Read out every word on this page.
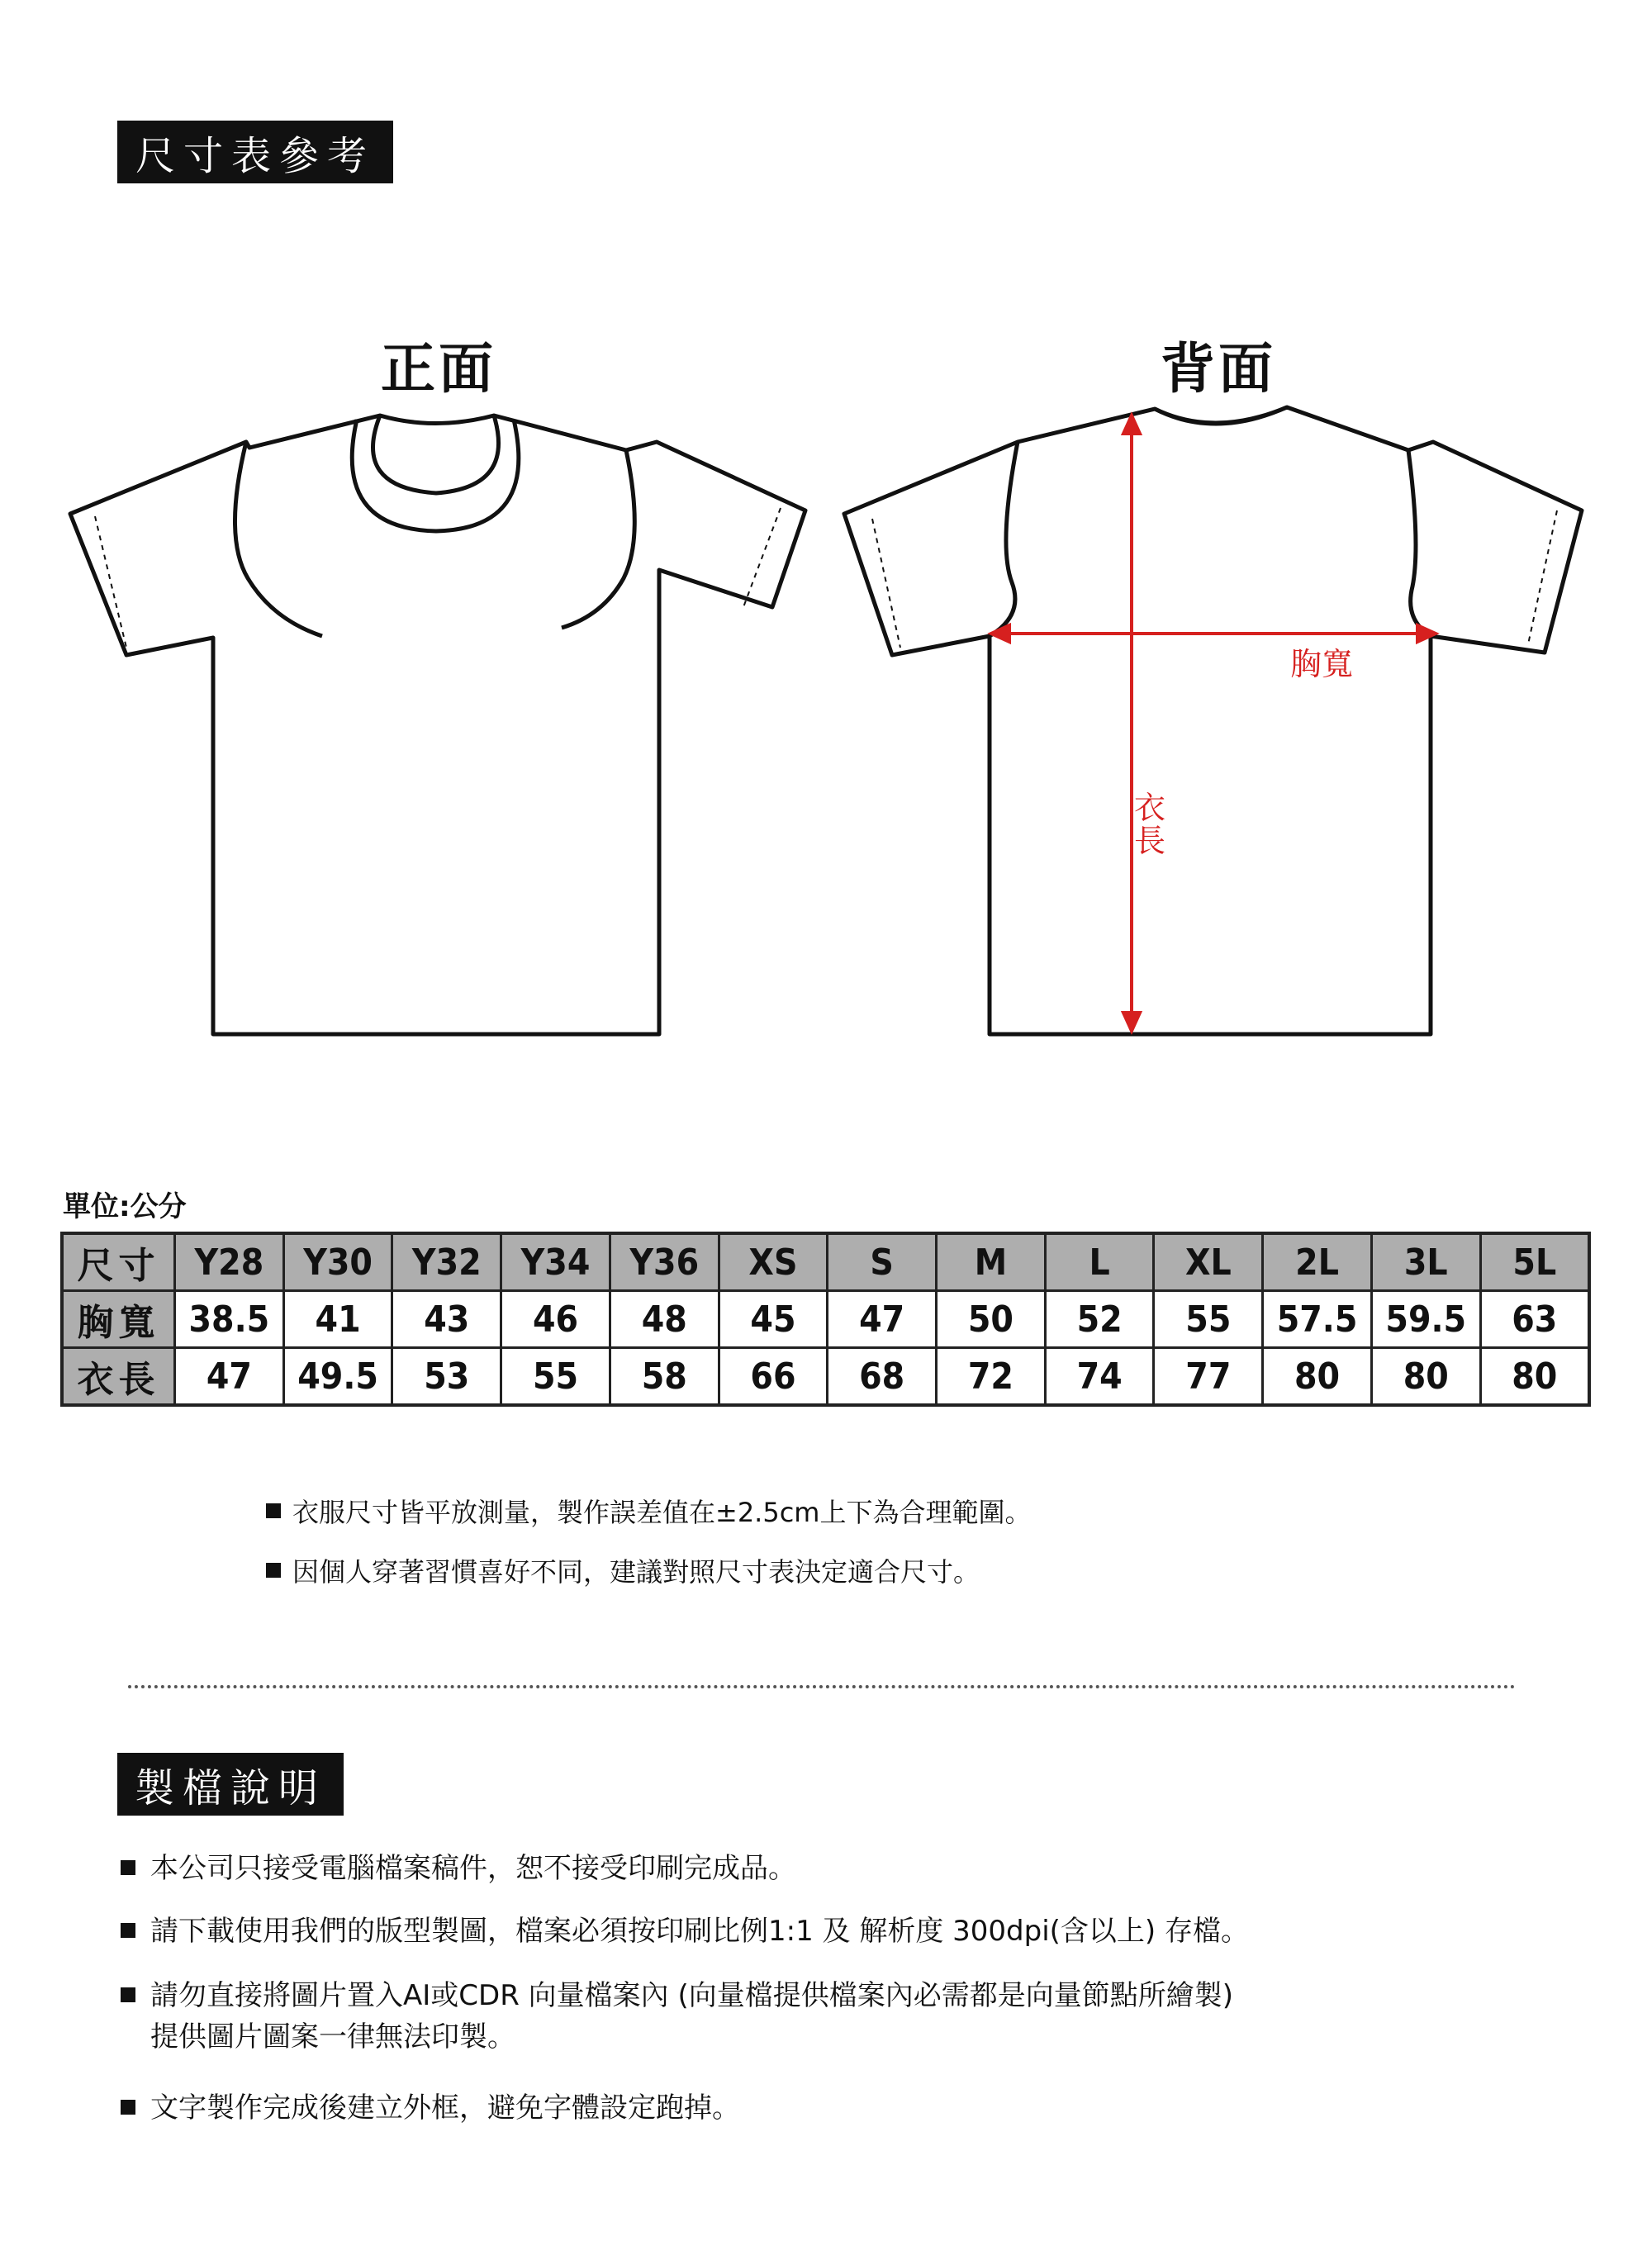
尺寸表參考
正面	背面
胸寬
衣長
單位:公分
尺寸	Y28	Y30	Y32	Y34	Y36	XS	S	M	L	XL	2L	3L	5L
胸寬	38.5	41	43	46	48	45	47	50	52	55	57.5	59.5	63
衣長	47	49.5	53	55	58	66	68	72	74	77	80	80	80
衣服尺寸皆平放測量，製作誤差值在±2.5cm上下為合理範圍。
因個人穿著習慣喜好不同，建議對照尺寸表決定適合尺寸。
製檔說明
本公司只接受電腦檔案稿件，恕不接受印刷完成品。
請下載使用我們的版型製圖，檔案必須按印刷比例1:1 及 解析度 300dpi(含以上) 存檔。
請勿直接將圖片置入AI或CDR 向量檔案內 (向量檔提供檔案內必需都是向量節點所繪製)
提供圖片圖案一律無法印製。
文字製作完成後建立外框，避免字體設定跑掉。
